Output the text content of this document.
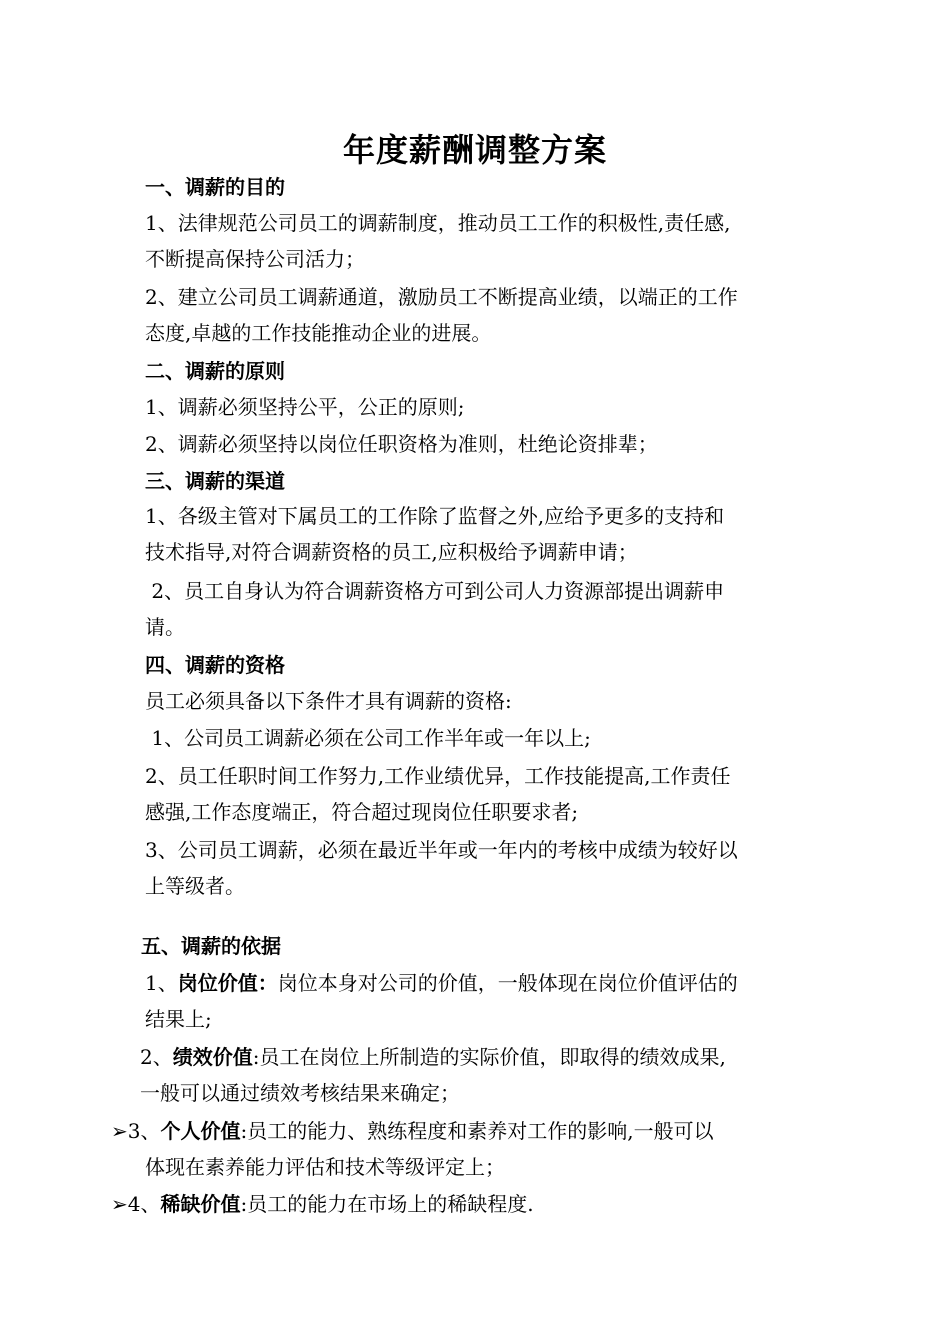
年度薪酬调整方案
一、调薪的目的
1、法律规范公司员工的调薪制度，推动员工工作的积极性,责任感,
不断提高保持公司活力；
2、建立公司员工调薪通道，激励员工不断提高业绩，以端正的工作
态度,卓越的工作技能推动企业的进展。
二、调薪的原则
1、调薪必须坚持公平，公正的原则;
2、调薪必须坚持以岗位任职资格为准则，杜绝论资排辈；
三、调薪的渠道
1、各级主管对下属员工的工作除了监督之外,应给予更多的支持和
技术指导,对符合调薪资格的员工,应积极给予调薪申请；
2、员工自身认为符合调薪资格方可到公司人力资源部提出调薪申
请。
四、调薪的资格
员工必须具备以下条件才具有调薪的资格:
1、公司员工调薪必须在公司工作半年或一年以上;
2、员工任职时间工作努力,工作业绩优异，工作技能提高,工作责任
感强,工作态度端正，符合超过现岗位任职要求者;
3、公司员工调薪，必须在最近半年或一年内的考核中成绩为较好以
上等级者。
五、调薪的依据
1、岗位价值：岗位本身对公司的价值，一般体现在岗位价值评估的
结果上;
2、绩效价值:员工在岗位上所制造的实际价值，即取得的绩效成果,
一般可以通过绩效考核结果来确定；
➢3、个人价值:员工的能力、熟练程度和素养对工作的影响,一般可以
体现在素养能力评估和技术等级评定上；
➢4、稀缺价值:员工的能力在市场上的稀缺程度.
